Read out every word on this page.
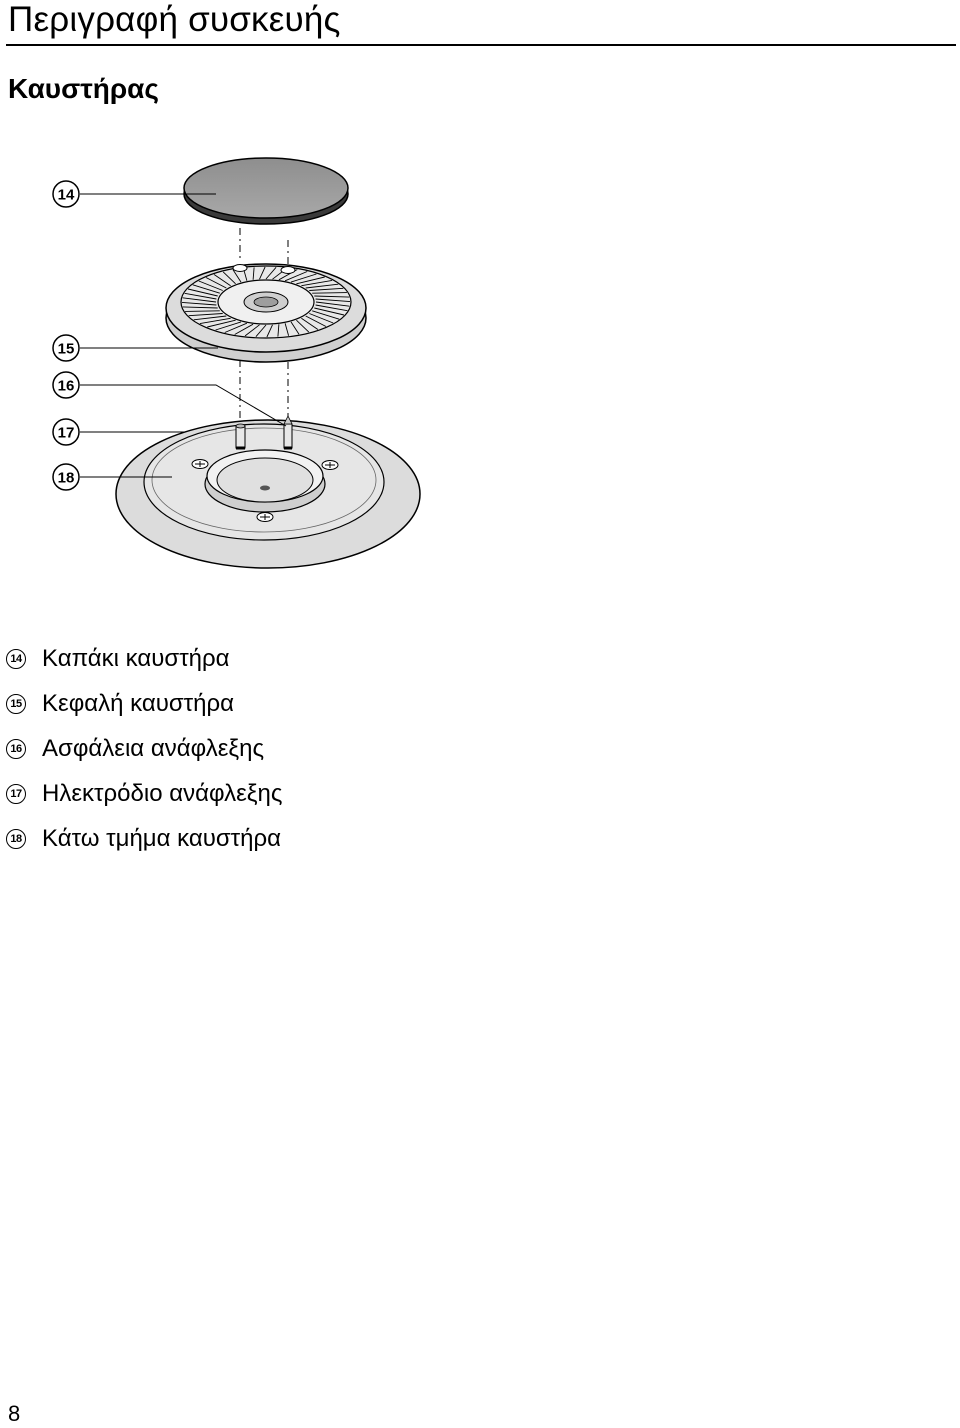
Περιγραφή συσκευής
Καυστήρας
14
15
16
17
18
14 Καπάκι καυστήρα
15 Κεφαλή καυστήρα
16 Ασφάλεια ανάφλεξης
17 Ηλεκτρόδιο ανάφλεξης
18 Κάτω τμήμα καυστήρα
8
